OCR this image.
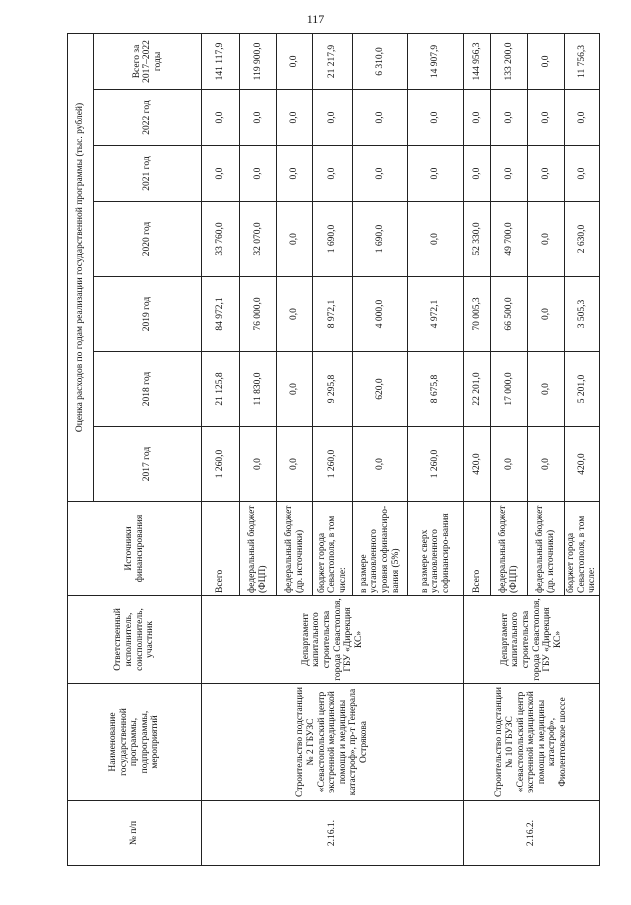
117
№ п/п	Наименование государственной программы, подпрограммы, мероприятий	Ответственный исполнитель, соисполнитель, участник	Источники финансирования	Оценка расходов по годам реализации государственной программы (тыс. рублей)						
				2017 год	2018 год	2019 год	2020 год	2021 год	2022 год	Всего за 2017–2022 годы
2.16.1.	Строительство подстанции № 2 ГБУЗС «Севастопольский центр экстренной медицинской помощи и медицины катастроф», пр-т Генерала Острякова	Департамент капитального строительства города Севастополя, ГБУ «Дирекция КС»	Всего	1 260,0	21 125,8	84 972,1	33 760,0	0,0	0,0	141 117,9
			федеральный бюджет (ФЦП)	0,0	11 830,0	76 000,0	32 070,0	0,0	0,0	119 900,0
			федеральный бюджет (др. источники)	0,0	0,0	0,0	0,0	0,0	0,0	0,0
			бюджет города Севастополя, в том числе:	1 260,0	9 295,8	8 972,1	1 690,0	0,0	0,0	21 217,9
			в размере установленного уровня софинансиро-вания (5%)	0,0	620,0	4 000,0	1 690,0	0,0	0,0	6 310,0
			в размере сверх установленного софинансиро-вания	1 260,0	8 675,8	4 972,1	0,0	0,0	0,0	14 907,9
2.16.2.	Строительство подстанции № 10 ГБУЗС «Севастопольский центр экстренной медицинской помощи и медицины катастроф», Фиолентовское шоссе	Департамент капитального строительства города Севастополя, ГБУ «Дирекция КС»	Всего	420,0	22 201,0	70 005,3	52 330,0	0,0	0,0	144 956,3
			федеральный бюджет (ФЦП)	0,0	17 000,0	66 500,0	49 700,0	0,0	0,0	133 200,0
			федеральный бюджет (др. источники)	0,0	0,0	0,0	0,0	0,0	0,0	0,0
			бюджет города Севастополя, в том числе:	420,0	5 201,0	3 505,3	2 630,0	0,0	0,0	11 756,3
